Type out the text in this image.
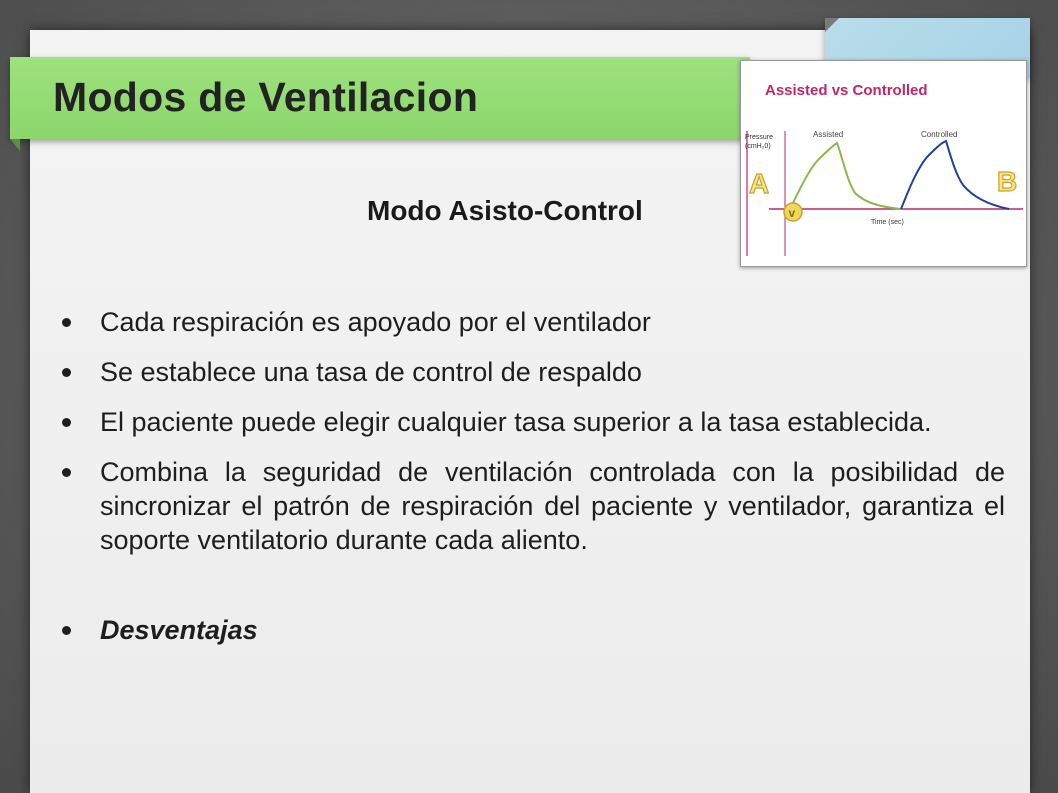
Modos de Ventilacion	Assisted vs Controlled
Pressure
(cmH₂0)
Assisted	Controlled
Time (sec)
v
A	B
Modo Asisto-Control
Cada respiración es apoyado por el ventilador
Se establece una tasa de control de respaldo
El paciente puede elegir cualquier tasa superior a la tasa establecida.
Combina la seguridad de ventilación controlada con la posibilidad de sincronizar el patrón de respiración del paciente y ventilador, garantiza el soporte ventilatorio durante cada aliento.
Desventajas
